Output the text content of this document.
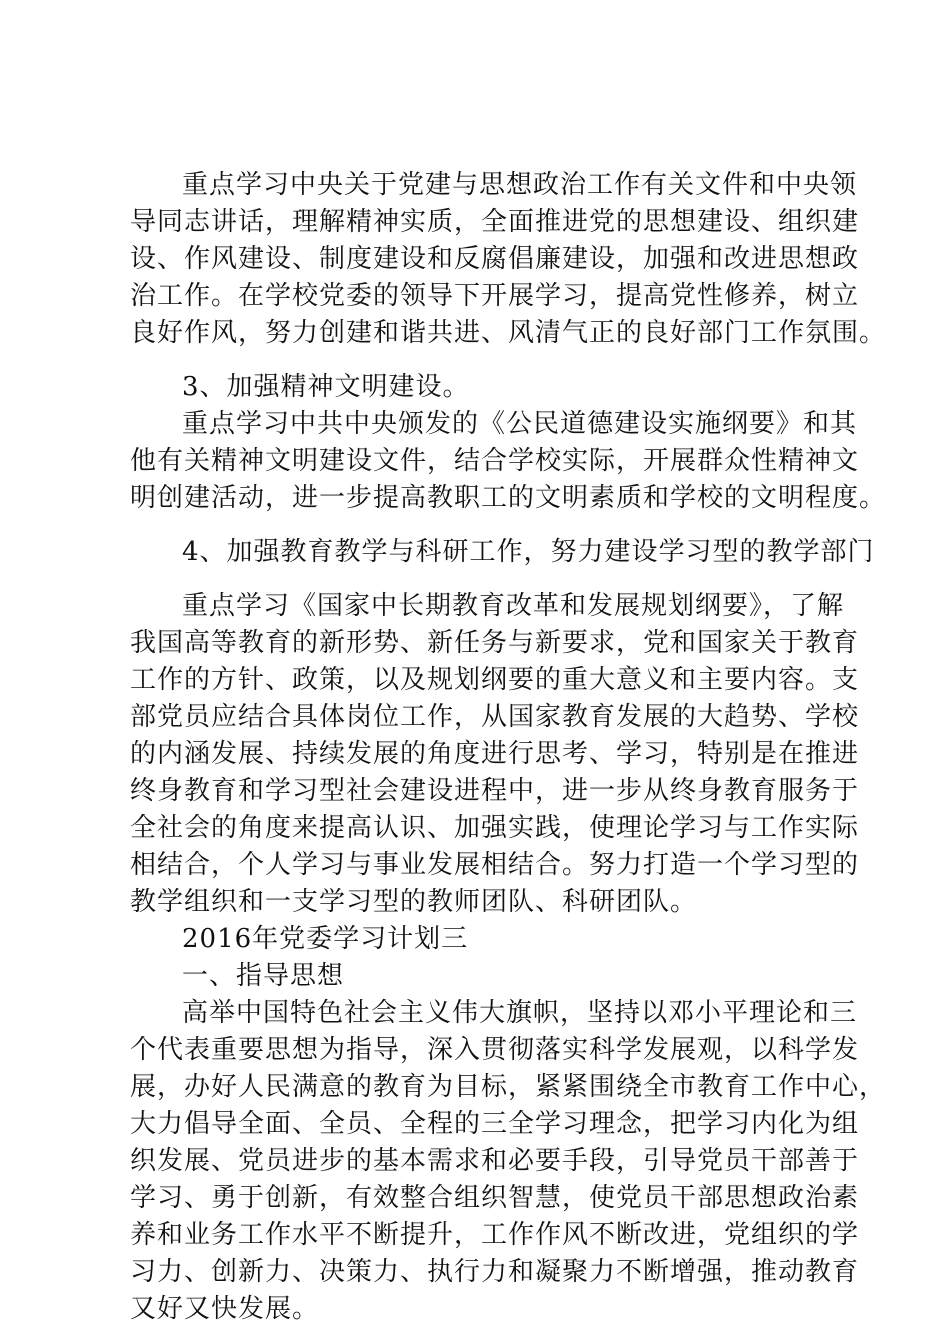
重点学习中央关于党建与思想政治工作有关文件和中央领
导同志讲话，理解精神实质，全面推进党的思想建设、组织建
设、作风建设、制度建设和反腐倡廉建设，加强和改进思想政
治工作。在学校党委的领导下开展学习，提高党性修养，树立
良好作风，努力创建和谐共进、风清气正的良好部门工作氛围。
3、加强精神文明建设。
重点学习中共中央颁发的《公民道德建设实施纲要》和其
他有关精神文明建设文件，结合学校实际，开展群众性精神文
明创建活动，进一步提高教职工的文明素质和学校的文明程度。
4、加强教育教学与科研工作，努力建设学习型的教学部门
重点学习《国家中长期教育改革和发展规划纲要》，了解
我国高等教育的新形势、新任务与新要求，党和国家关于教育
工作的方针、政策，以及规划纲要的重大意义和主要内容。支
部党员应结合具体岗位工作，从国家教育发展的大趋势、学校
的内涵发展、持续发展的角度进行思考、学习，特别是在推进
终身教育和学习型社会建设进程中，进一步从终身教育服务于
全社会的角度来提高认识、加强实践，使理论学习与工作实际
相结合，个人学习与事业发展相结合。努力打造一个学习型的
教学组织和一支学习型的教师团队、科研团队。
2016年党委学习计划三
一、指导思想
高举中国特色社会主义伟大旗帜，坚持以邓小平理论和三
个代表重要思想为指导，深入贯彻落实科学发展观，以科学发
展，办好人民满意的教育为目标，紧紧围绕全市教育工作中心，
大力倡导全面、全员、全程的三全学习理念，把学习内化为组
织发展、党员进步的基本需求和必要手段，引导党员干部善于
学习、勇于创新，有效整合组织智慧，使党员干部思想政治素
养和业务工作水平不断提升，工作作风不断改进，党组织的学
习力、创新力、决策力、执行力和凝聚力不断增强，推动教育
又好又快发展。
